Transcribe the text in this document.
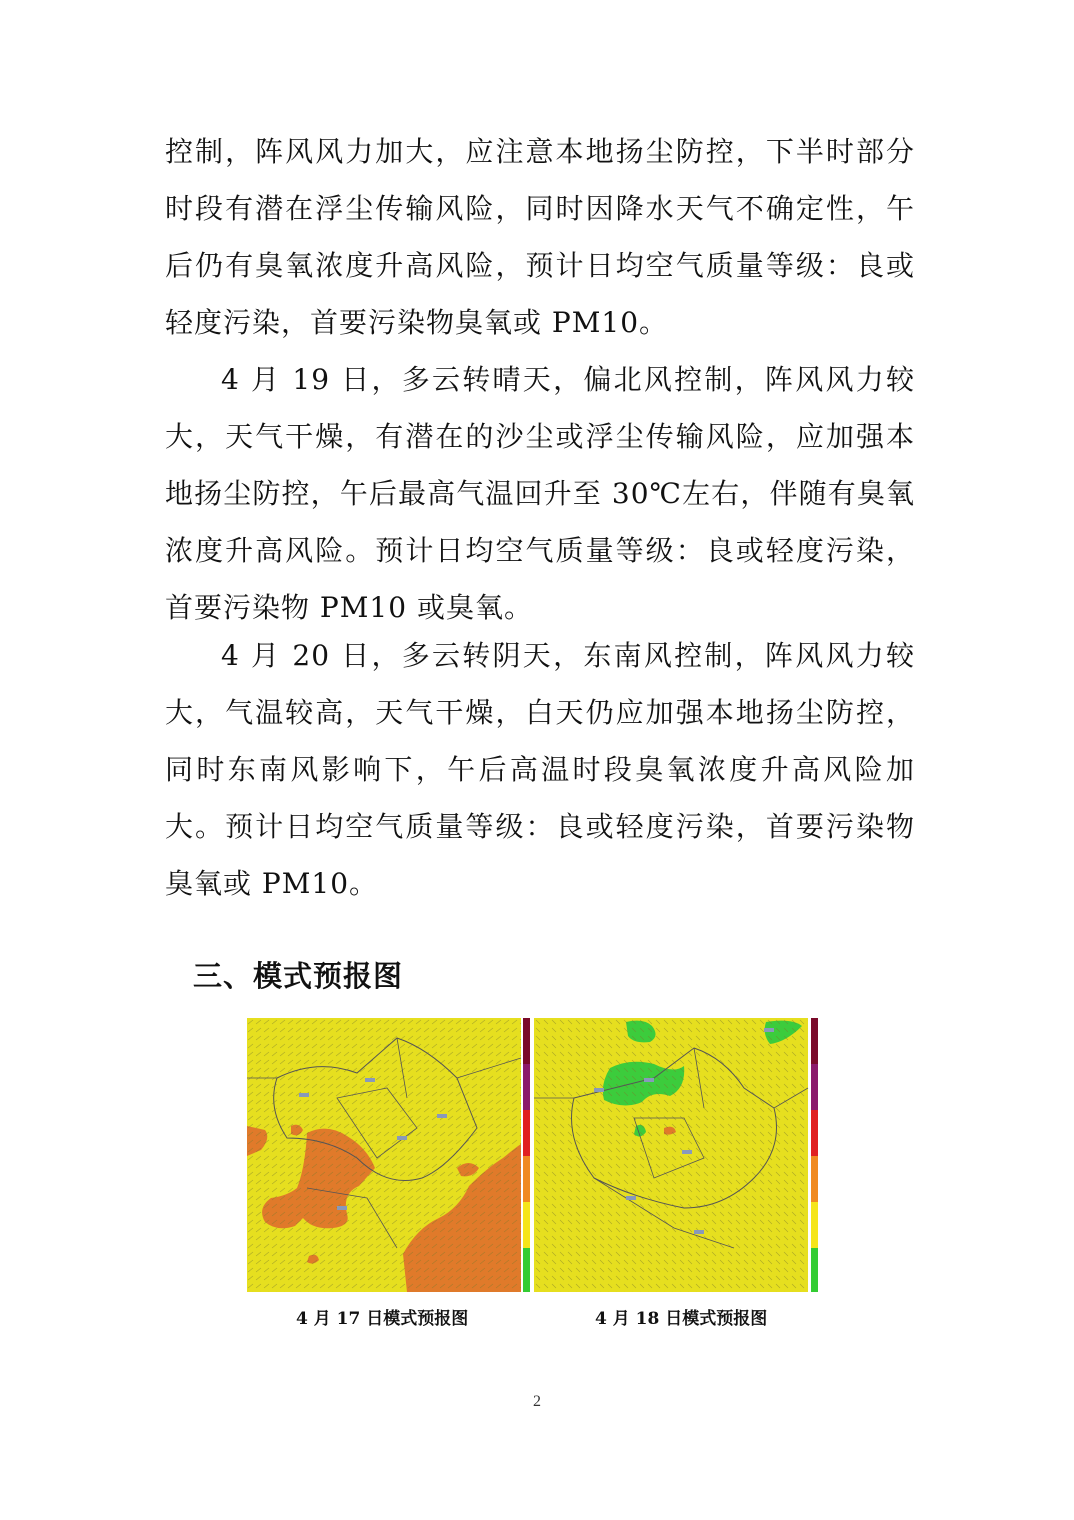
控制，阵风风力加大，应注意本地扬尘防控，下半时部分时段有潜在浮尘传输风险，同时因降水天气不确定性，午后仍有臭氧浓度升高风险，预计日均空气质量等级：良或轻度污染，首要污染物臭氧或 PM10。

4 月 19 日，多云转晴天，偏北风控制，阵风风力较大，天气干燥，有潜在的沙尘或浮尘传输风险，应加强本地扬尘防控，午后最高气温回升至 30℃左右，伴随有臭氧浓度升高风险。预计日均空气质量等级：良或轻度污染，首要污染物 PM10 或臭氧。

4 月 20 日，多云转阴天，东南风控制，阵风风力较大，气温较高，天气干燥，白天仍应加强本地扬尘防控，同时东南风影响下，午后高温时段臭氧浓度升高风险加大。预计日均空气质量等级：良或轻度污染，首要污染物臭氧或 PM10。

三、模式预报图
4 月 17 日模式预报图	4 月 18 日模式预报图
2
